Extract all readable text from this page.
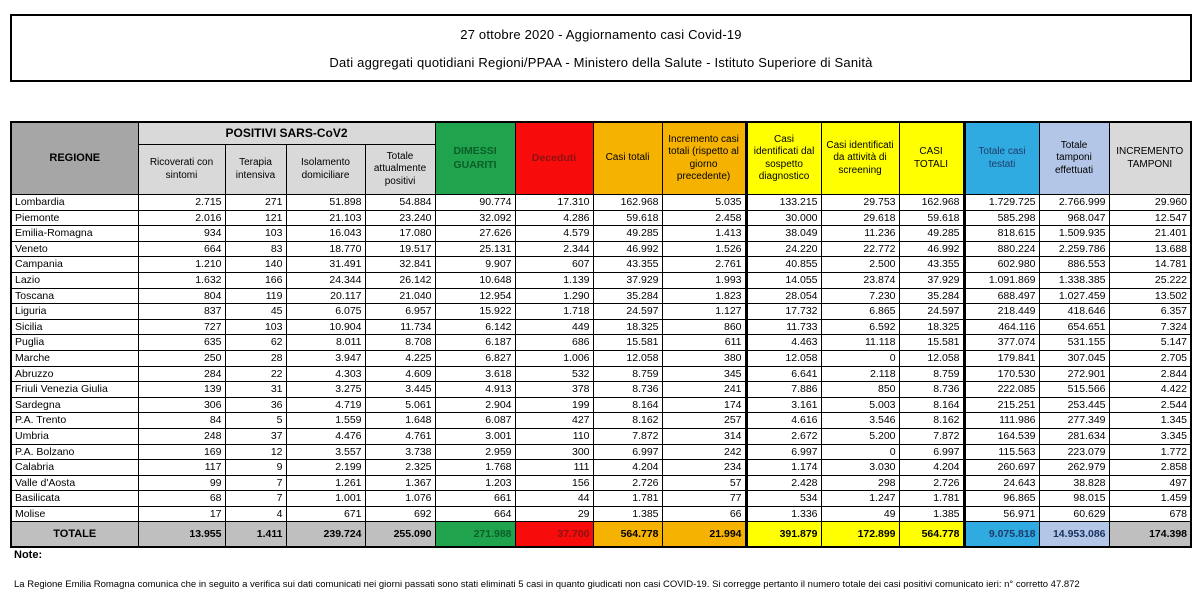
27 ottobre 2020 - Aggiornamento casi Covid-19
Dati aggregati quotidiani Regioni/PPAA - Ministero della Salute - Istituto Superiore di Sanità
REGIONE	POSITIVI SARS-CoV2				DIMESSI GUARITI	Deceduti	Casi totali	Incremento casi totali (rispetto al giorno precedente)	Casi identificati dal sospetto diagnostico	Casi identificati da attività di screening	CASI TOTALI	Totale casi testati	Totale tamponi effettuati	INCREMENTO TAMPONI
	Ricoverati con sintomi	Terapia intensiva	Isolamento domiciliare	Totale attualmente positivi										
Lombardia	2.715	271	51.898	54.884	90.774	17.310	162.968	5.035	133.215	29.753	162.968	1.729.725	2.766.999	29.960
Piemonte	2.016	121	21.103	23.240	32.092	4.286	59.618	2.458	30.000	29.618	59.618	585.298	968.047	12.547
Emilia-Romagna	934	103	16.043	17.080	27.626	4.579	49.285	1.413	38.049	11.236	49.285	818.615	1.509.935	21.401
Veneto	664	83	18.770	19.517	25.131	2.344	46.992	1.526	24.220	22.772	46.992	880.224	2.259.786	13.688
Campania	1.210	140	31.491	32.841	9.907	607	43.355	2.761	40.855	2.500	43.355	602.980	886.553	14.781
Lazio	1.632	166	24.344	26.142	10.648	1.139	37.929	1.993	14.055	23.874	37.929	1.091.869	1.338.385	25.222
Toscana	804	119	20.117	21.040	12.954	1.290	35.284	1.823	28.054	7.230	35.284	688.497	1.027.459	13.502
Liguria	837	45	6.075	6.957	15.922	1.718	24.597	1.127	17.732	6.865	24.597	218.449	418.646	6.357
Sicilia	727	103	10.904	11.734	6.142	449	18.325	860	11.733	6.592	18.325	464.116	654.651	7.324
Puglia	635	62	8.011	8.708	6.187	686	15.581	611	4.463	11.118	15.581	377.074	531.155	5.147
Marche	250	28	3.947	4.225	6.827	1.006	12.058	380	12.058	0	12.058	179.841	307.045	2.705
Abruzzo	284	22	4.303	4.609	3.618	532	8.759	345	6.641	2.118	8.759	170.530	272.901	2.844
Friuli Venezia Giulia	139	31	3.275	3.445	4.913	378	8.736	241	7.886	850	8.736	222.085	515.566	4.422
Sardegna	306	36	4.719	5.061	2.904	199	8.164	174	3.161	5.003	8.164	215.251	253.445	2.544
P.A. Trento	84	5	1.559	1.648	6.087	427	8.162	257	4.616	3.546	8.162	111.986	277.349	1.345
Umbria	248	37	4.476	4.761	3.001	110	7.872	314	2.672	5.200	7.872	164.539	281.634	3.345
P.A. Bolzano	169	12	3.557	3.738	2.959	300	6.997	242	6.997	0	6.997	115.563	223.079	1.772
Calabria	117	9	2.199	2.325	1.768	111	4.204	234	1.174	3.030	4.204	260.697	262.979	2.858
Valle d'Aosta	99	7	1.261	1.367	1.203	156	2.726	57	2.428	298	2.726	24.643	38.828	497
Basilicata	68	7	1.001	1.076	661	44	1.781	77	534	1.247	1.781	96.865	98.015	1.459
Molise	17	4	671	692	664	29	1.385	66	1.336	49	1.385	56.971	60.629	678
TOTALE	13.955	1.411	239.724	255.090	271.988	37.700	564.778	21.994	391.879	172.899	564.778	9.075.818	14.953.086	174.398
Note:
La Regione Emilia Romagna comunica che in seguito a verifica sui dati comunicati nei giorni passati sono stati eliminati 5 casi in quanto giudicati non casi COVID-19. Si corregge pertanto il numero totale dei casi positivi comunicato ieri: n° corretto 47.872
